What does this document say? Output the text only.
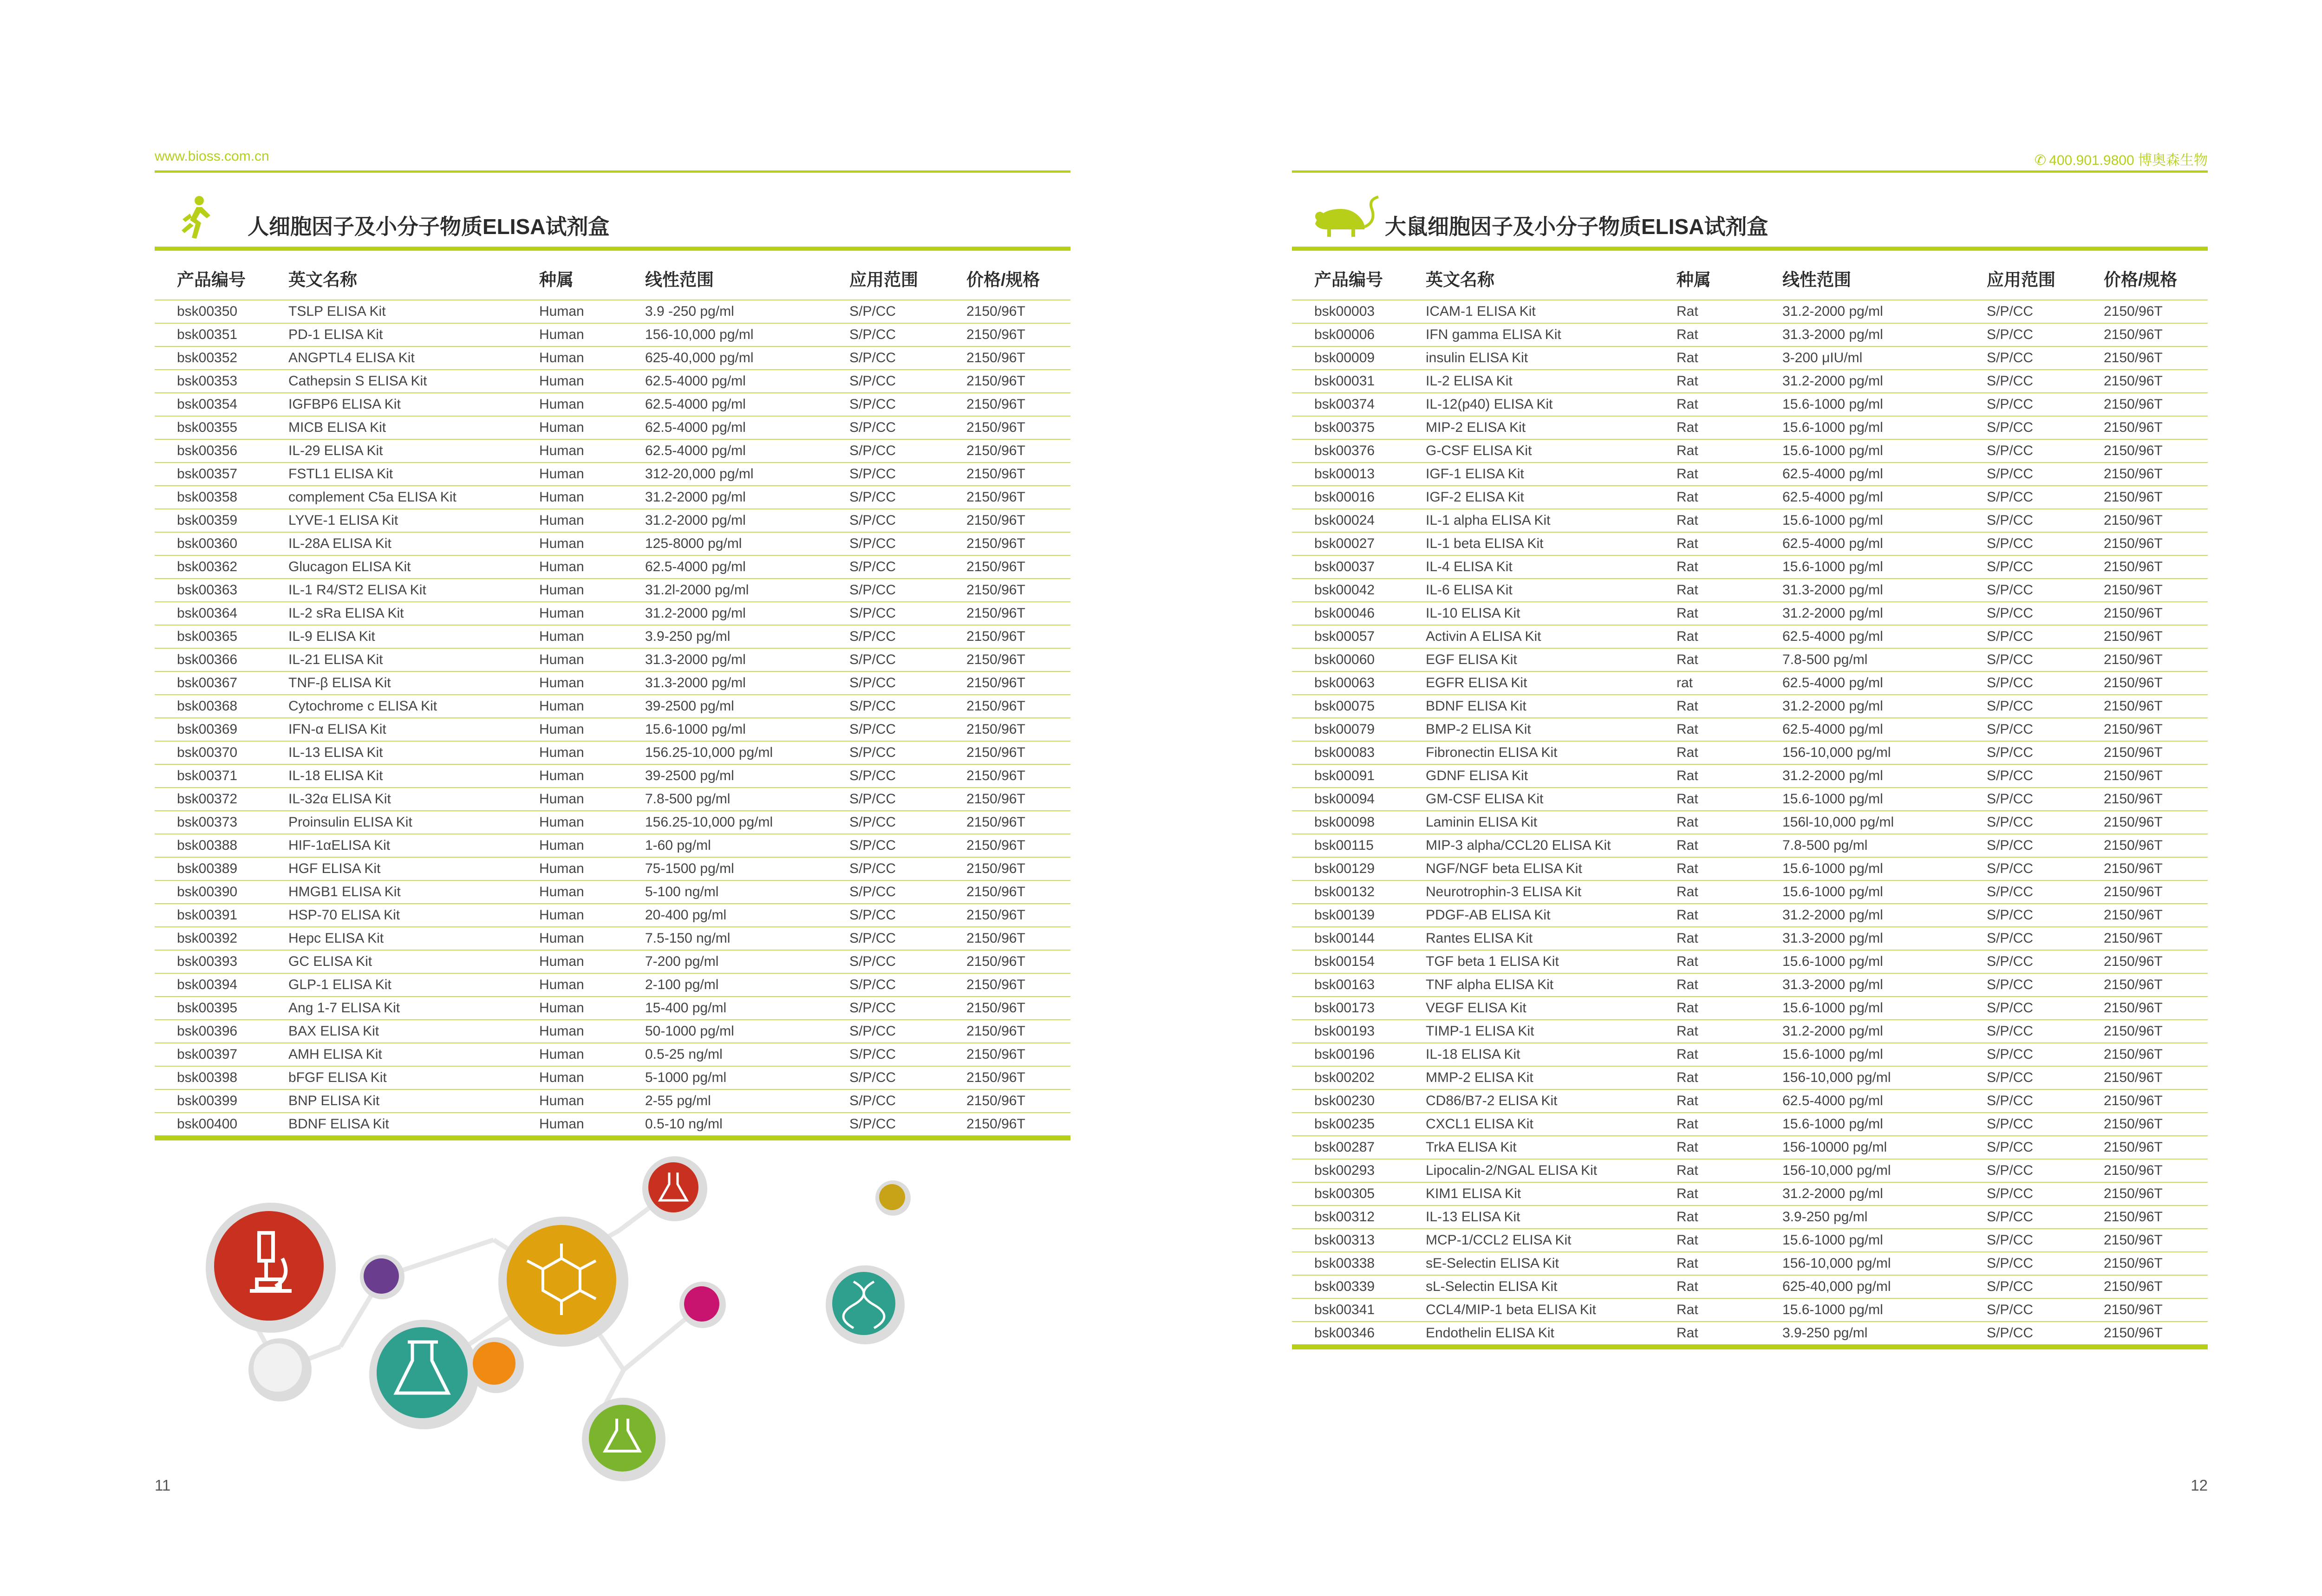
www.bioss.com.cn
人细胞因子及小分子物质ELISA试剂盒
产品编号	英文名称	种属	线性范围	应用范围	价格/规格
bsk00350	TSLP ELISA Kit	Human	3.9 -250 pg/ml	S/P/CC	2150/96T
bsk00351	PD-1 ELISA Kit	Human	156-10,000 pg/ml	S/P/CC	2150/96T
bsk00352	ANGPTL4 ELISA Kit	Human	625-40,000 pg/ml	S/P/CC	2150/96T
bsk00353	Cathepsin S ELISA Kit	Human	62.5-4000 pg/ml	S/P/CC	2150/96T
bsk00354	IGFBP6 ELISA Kit	Human	62.5-4000 pg/ml	S/P/CC	2150/96T
bsk00355	MICB ELISA Kit	Human	62.5-4000 pg/ml	S/P/CC	2150/96T
bsk00356	IL-29 ELISA Kit	Human	62.5-4000 pg/ml	S/P/CC	2150/96T
bsk00357	FSTL1 ELISA Kit	Human	312-20,000 pg/ml	S/P/CC	2150/96T
bsk00358	complement C5a ELISA Kit	Human	31.2-2000 pg/ml	S/P/CC	2150/96T
bsk00359	LYVE-1 ELISA Kit	Human	31.2-2000 pg/ml	S/P/CC	2150/96T
bsk00360	IL-28A ELISA Kit	Human	125-8000 pg/ml	S/P/CC	2150/96T
bsk00362	Glucagon ELISA Kit	Human	62.5-4000 pg/ml	S/P/CC	2150/96T
bsk00363	IL-1 R4/ST2 ELISA Kit	Human	31.2l-2000 pg/ml	S/P/CC	2150/96T
bsk00364	IL-2 sRa ELISA Kit	Human	31.2-2000 pg/ml	S/P/CC	2150/96T
bsk00365	IL-9 ELISA Kit	Human	3.9-250 pg/ml	S/P/CC	2150/96T
bsk00366	IL-21 ELISA Kit	Human	31.3-2000 pg/ml	S/P/CC	2150/96T
bsk00367	TNF-β ELISA Kit	Human	31.3-2000 pg/ml	S/P/CC	2150/96T
bsk00368	Cytochrome c ELISA Kit	Human	39-2500 pg/ml	S/P/CC	2150/96T
bsk00369	IFN-α ELISA Kit	Human	15.6-1000 pg/ml	S/P/CC	2150/96T
bsk00370	IL-13 ELISA Kit	Human	156.25-10,000 pg/ml	S/P/CC	2150/96T
bsk00371	IL-18 ELISA Kit	Human	39-2500 pg/ml	S/P/CC	2150/96T
bsk00372	IL-32α ELISA Kit	Human	7.8-500 pg/ml	S/P/CC	2150/96T
bsk00373	Proinsulin ELISA Kit	Human	156.25-10,000 pg/ml	S/P/CC	2150/96T
bsk00388	HIF-1αELISA Kit	Human	1-60 pg/ml	S/P/CC	2150/96T
bsk00389	HGF ELISA Kit	Human	75-1500 pg/ml	S/P/CC	2150/96T
bsk00390	HMGB1 ELISA Kit	Human	5-100 ng/ml	S/P/CC	2150/96T
bsk00391	HSP-70 ELISA Kit	Human	20-400 pg/ml	S/P/CC	2150/96T
bsk00392	Hepc ELISA Kit	Human	7.5-150 ng/ml	S/P/CC	2150/96T
bsk00393	GC ELISA Kit	Human	7-200 pg/ml	S/P/CC	2150/96T
bsk00394	GLP-1 ELISA Kit	Human	2-100 pg/ml	S/P/CC	2150/96T
bsk00395	Ang 1-7 ELISA Kit	Human	15-400 pg/ml	S/P/CC	2150/96T
bsk00396	BAX ELISA Kit	Human	50-1000 pg/ml	S/P/CC	2150/96T
bsk00397	AMH ELISA Kit	Human	0.5-25 ng/ml	S/P/CC	2150/96T
bsk00398	bFGF ELISA Kit	Human	5-1000 pg/ml	S/P/CC	2150/96T
bsk00399	BNP ELISA Kit	Human	2-55 pg/ml	S/P/CC	2150/96T
bsk00400	BDNF ELISA Kit	Human	0.5-10 ng/ml	S/P/CC	2150/96T
11
✆ 400.901.9800 博奥森生物
大鼠细胞因子及小分子物质ELISA试剂盒
产品编号	英文名称	种属	线性范围	应用范围	价格/规格
bsk00003	ICAM-1 ELISA Kit	Rat	31.2-2000 pg/ml	S/P/CC	2150/96T
bsk00006	IFN gamma ELISA Kit	Rat	31.3-2000 pg/ml	S/P/CC	2150/96T
bsk00009	insulin ELISA Kit	Rat	3-200 μIU/ml	S/P/CC	2150/96T
bsk00031	IL-2 ELISA Kit	Rat	31.2-2000 pg/ml	S/P/CC	2150/96T
bsk00374	IL-12(p40) ELISA Kit	Rat	15.6-1000 pg/ml	S/P/CC	2150/96T
bsk00375	MIP-2 ELISA Kit	Rat	15.6-1000 pg/ml	S/P/CC	2150/96T
bsk00376	G-CSF ELISA Kit	Rat	15.6-1000 pg/ml	S/P/CC	2150/96T
bsk00013	IGF-1 ELISA Kit	Rat	62.5-4000 pg/ml	S/P/CC	2150/96T
bsk00016	IGF-2 ELISA Kit	Rat	62.5-4000 pg/ml	S/P/CC	2150/96T
bsk00024	IL-1 alpha ELISA Kit	Rat	15.6-1000 pg/ml	S/P/CC	2150/96T
bsk00027	IL-1 beta ELISA Kit	Rat	62.5-4000 pg/ml	S/P/CC	2150/96T
bsk00037	IL-4 ELISA Kit	Rat	15.6-1000 pg/ml	S/P/CC	2150/96T
bsk00042	IL-6 ELISA Kit	Rat	31.3-2000 pg/ml	S/P/CC	2150/96T
bsk00046	IL-10 ELISA Kit	Rat	31.2-2000 pg/ml	S/P/CC	2150/96T
bsk00057	Activin A ELISA Kit	Rat	62.5-4000 pg/ml	S/P/CC	2150/96T
bsk00060	EGF ELISA Kit	Rat	7.8-500 pg/ml	S/P/CC	2150/96T
bsk00063	EGFR ELISA Kit	rat	62.5-4000 pg/ml	S/P/CC	2150/96T
bsk00075	BDNF ELISA Kit	Rat	31.2-2000 pg/ml	S/P/CC	2150/96T
bsk00079	BMP-2 ELISA Kit	Rat	62.5-4000 pg/ml	S/P/CC	2150/96T
bsk00083	Fibronectin ELISA Kit	Rat	156-10,000 pg/ml	S/P/CC	2150/96T
bsk00091	GDNF ELISA Kit	Rat	31.2-2000 pg/ml	S/P/CC	2150/96T
bsk00094	GM-CSF ELISA Kit	Rat	15.6-1000 pg/ml	S/P/CC	2150/96T
bsk00098	Laminin ELISA Kit	Rat	156l-10,000 pg/ml	S/P/CC	2150/96T
bsk00115	MIP-3 alpha/CCL20 ELISA Kit	Rat	7.8-500 pg/ml	S/P/CC	2150/96T
bsk00129	NGF/NGF beta ELISA Kit	Rat	15.6-1000 pg/ml	S/P/CC	2150/96T
bsk00132	Neurotrophin-3 ELISA Kit	Rat	15.6-1000 pg/ml	S/P/CC	2150/96T
bsk00139	PDGF-AB ELISA Kit	Rat	31.2-2000 pg/ml	S/P/CC	2150/96T
bsk00144	Rantes ELISA Kit	Rat	31.3-2000 pg/ml	S/P/CC	2150/96T
bsk00154	TGF beta 1 ELISA Kit	Rat	15.6-1000 pg/ml	S/P/CC	2150/96T
bsk00163	TNF alpha ELISA Kit	Rat	31.3-2000 pg/ml	S/P/CC	2150/96T
bsk00173	VEGF ELISA Kit	Rat	15.6-1000 pg/ml	S/P/CC	2150/96T
bsk00193	TIMP-1 ELISA Kit	Rat	31.2-2000 pg/ml	S/P/CC	2150/96T
bsk00196	IL-18 ELISA Kit	Rat	15.6-1000 pg/ml	S/P/CC	2150/96T
bsk00202	MMP-2 ELISA Kit	Rat	156-10,000 pg/ml	S/P/CC	2150/96T
bsk00230	CD86/B7-2 ELISA Kit	Rat	62.5-4000 pg/ml	S/P/CC	2150/96T
bsk00235	CXCL1 ELISA Kit	Rat	15.6-1000 pg/ml	S/P/CC	2150/96T
bsk00287	TrkA ELISA Kit	Rat	156-10000 pg/ml	S/P/CC	2150/96T
bsk00293	Lipocalin-2/NGAL ELISA Kit	Rat	156-10,000 pg/ml	S/P/CC	2150/96T
bsk00305	KIM1 ELISA Kit	Rat	31.2-2000 pg/ml	S/P/CC	2150/96T
bsk00312	IL-13 ELISA Kit	Rat	3.9-250 pg/ml	S/P/CC	2150/96T
bsk00313	MCP-1/CCL2 ELISA Kit	Rat	15.6-1000 pg/ml	S/P/CC	2150/96T
bsk00338	sE-Selectin ELISA Kit	Rat	156-10,000 pg/ml	S/P/CC	2150/96T
bsk00339	sL-Selectin ELISA Kit	Rat	625-40,000 pg/ml	S/P/CC	2150/96T
bsk00341	CCL4/MIP-1 beta ELISA Kit	Rat	15.6-1000 pg/ml	S/P/CC	2150/96T
bsk00346	Endothelin ELISA Kit	Rat	3.9-250 pg/ml	S/P/CC	2150/96T
12
